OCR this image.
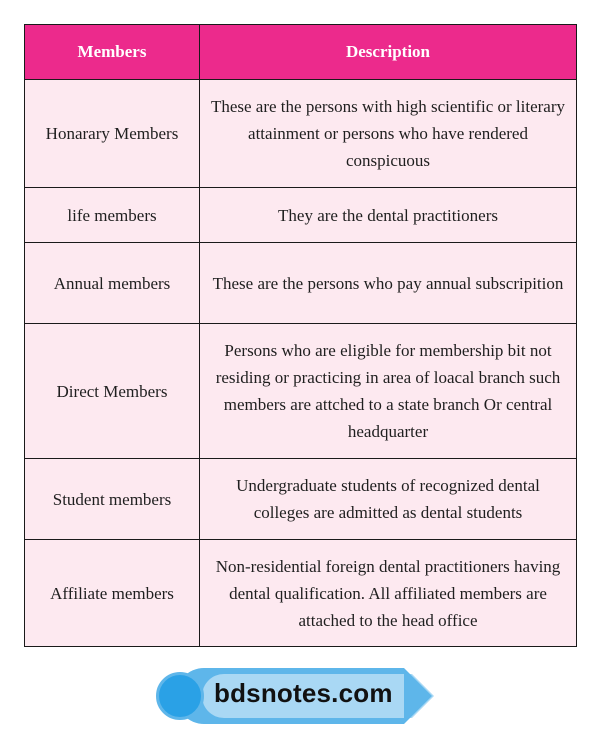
Members	Description
Honarary Members	These are the persons with high scientific or literary attainment or persons who have rendered conspicuous
life members	They are the dental practitioners
Annual members	These are the persons who pay annual subscripition
Direct Members	Persons who are eligible for membership bit not residing or practicing in area of loacal branch such members are attched to a state branch Or central headquarter
Student members	Undergraduate students of recognized dental colleges are admitted as dental students
Affiliate members	Non-residential foreign dental practitioners having dental qualification. All affiliated members are attached to the head office
bdsnotes.com
